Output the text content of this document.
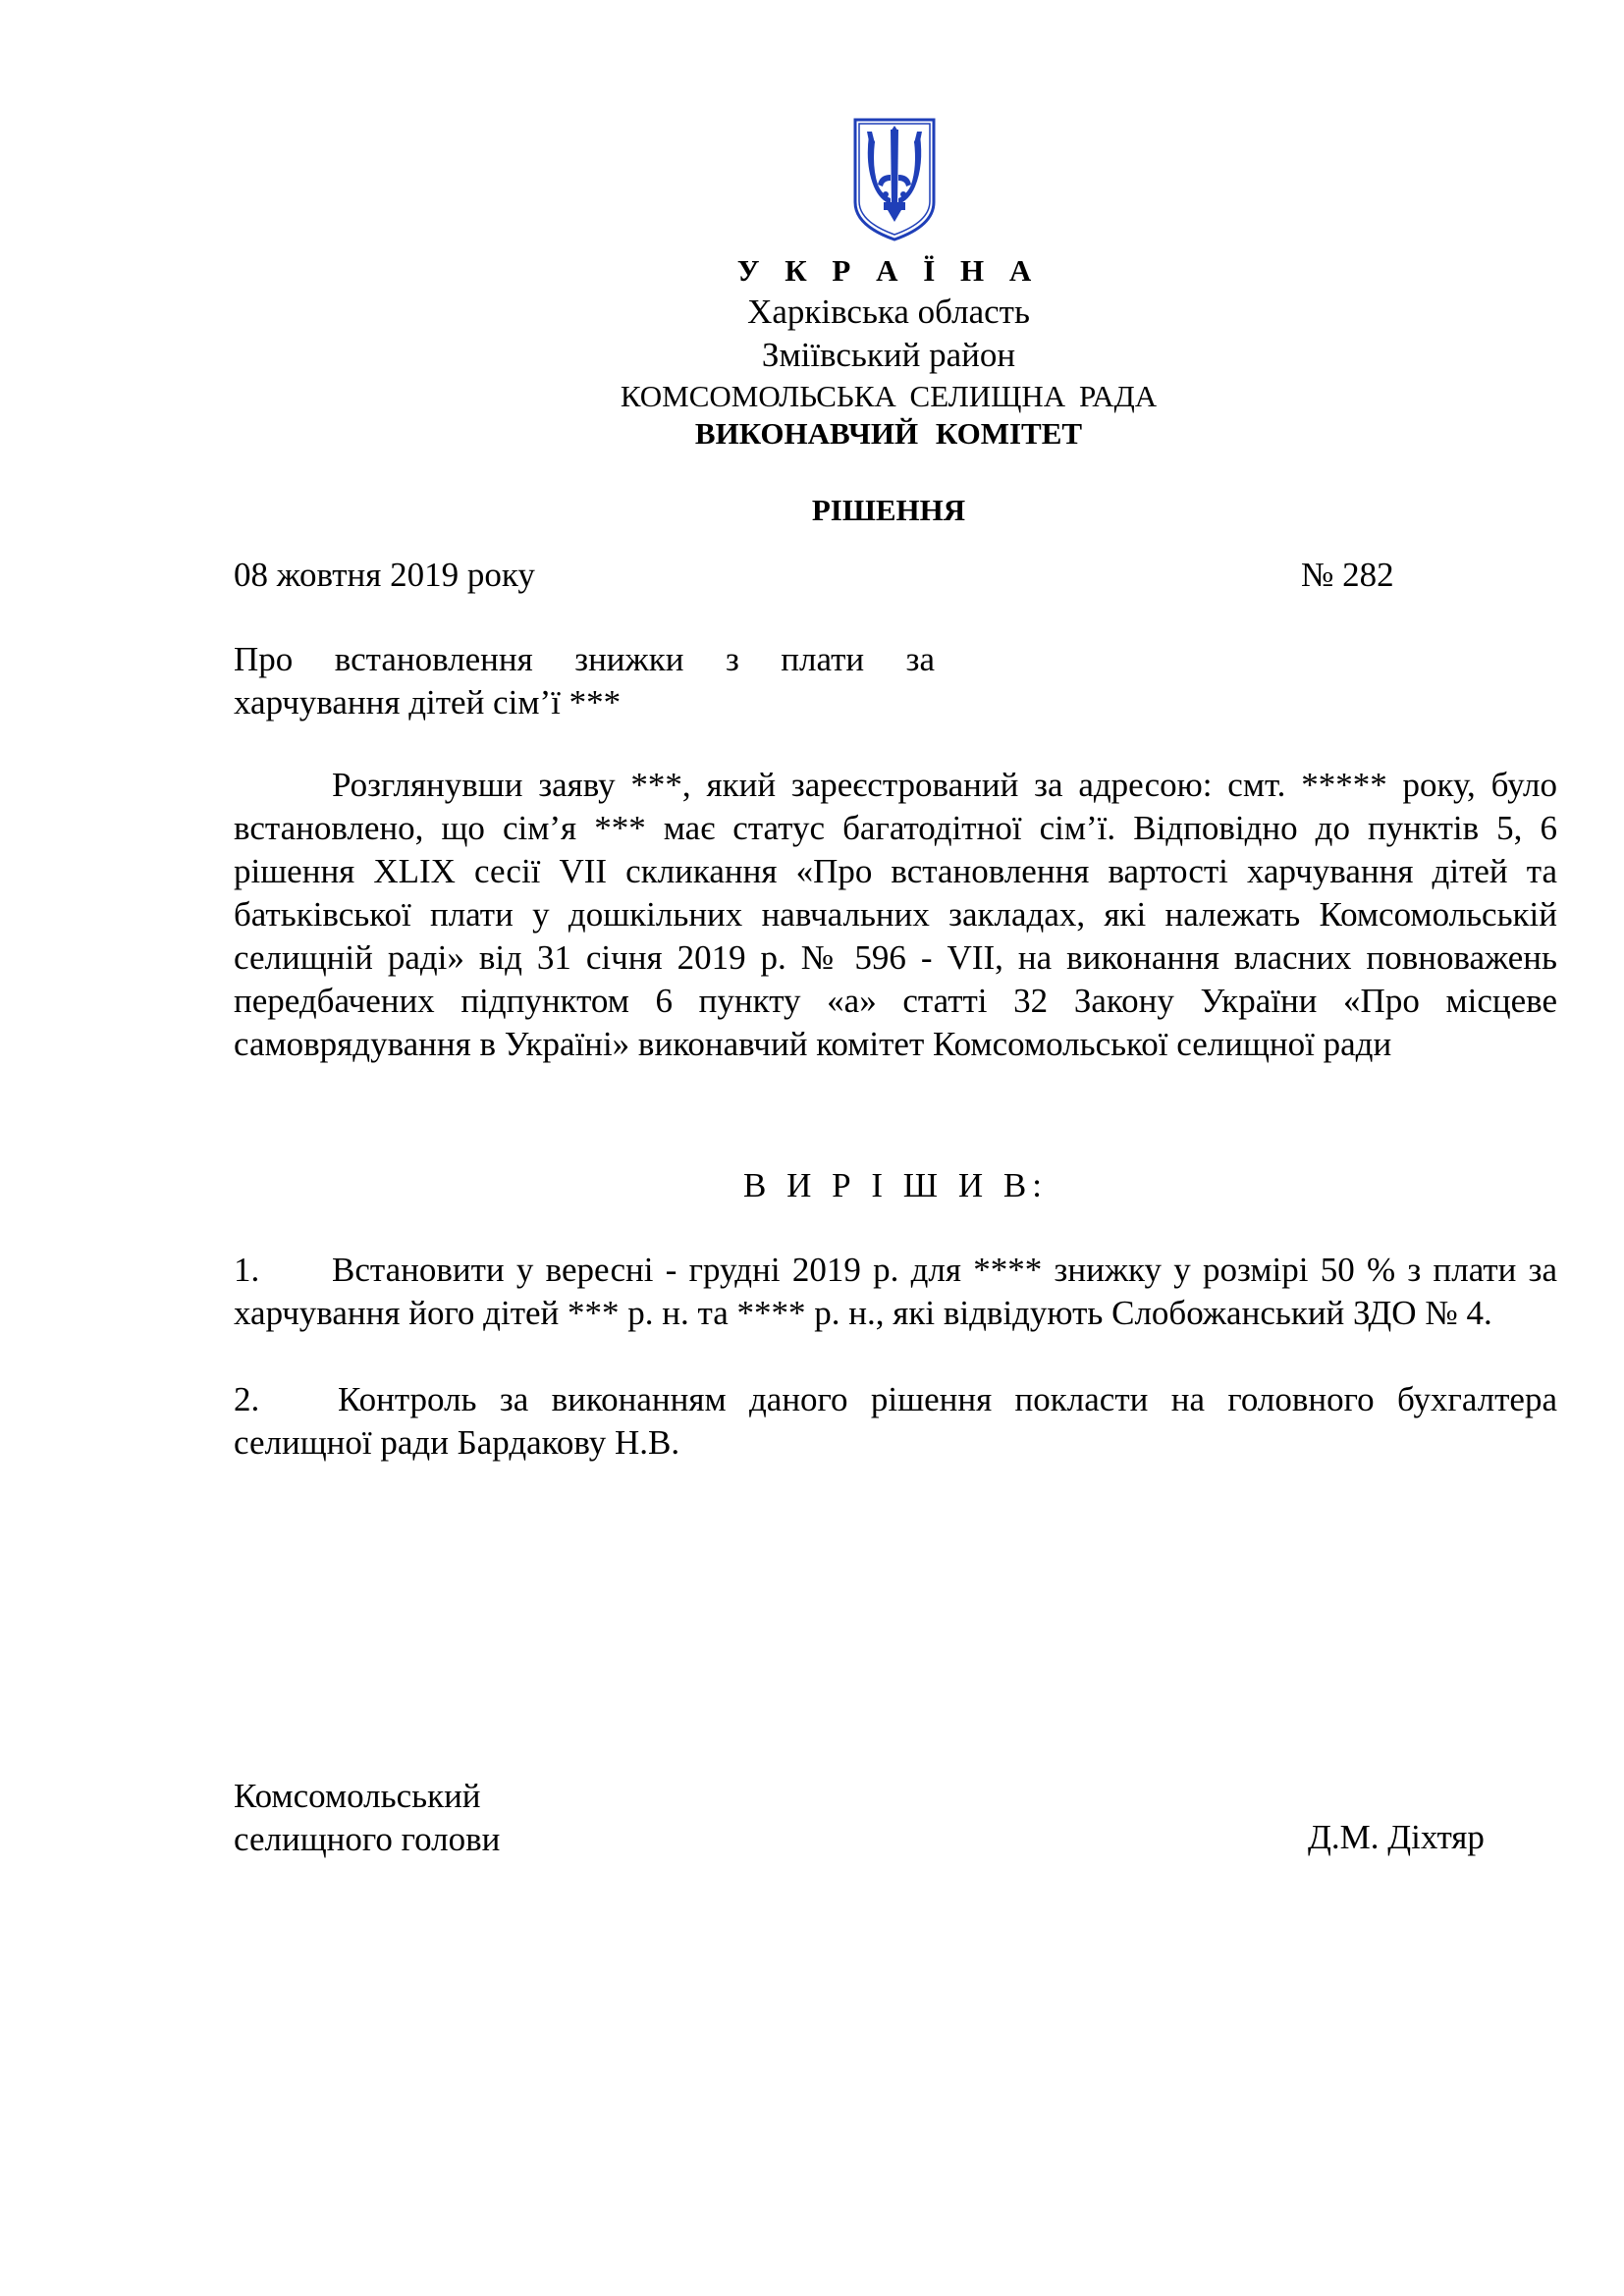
У К Р А Ї Н А
Харківська область
Зміївський район
КОМСОМОЛЬСЬКА СЕЛИЩНА РАДА
ВИКОНАВЧИЙ КОМІТЕТ
РІШЕННЯ
08 жовтня 2019 року	№ 282
Про встановлення знижки з плати за
харчування дітей сім’ї ***

Розглянувши заяву ***, який зареєстрований за адресою: смт. ***** року, було встановлено, що сім’я *** має статус багатодітної сім’ї. Відповідно до пунктів 5, 6 рішення XLIX сесії VII скликання «Про встановлення вартості харчування дітей та батьківської плати у дошкільних навчальних закладах, які належать Комсомольській селищній раді» від 31 січня 2019 р. № 596 - VII, на виконання власних повноважень передбачених підпунктом 6 пункту «а» статті 32 Закону України «Про місцеве самоврядування в Україні» виконавчий комітет Комсомольської селищної ради

В И Р І Ш И В:

1. Встановити у вересні - грудні 2019 р. для **** знижку у розмірі 50 % з плати за харчування його дітей *** р. н. та **** р. н., які відвідують Слобожанський ЗДО № 4.

2. Контроль за виконанням даного рішення покласти на головного бухгалтера селищної ради Бардакову Н.В.

Комсомольський
селищного голови	Д.М. Діхтяр
